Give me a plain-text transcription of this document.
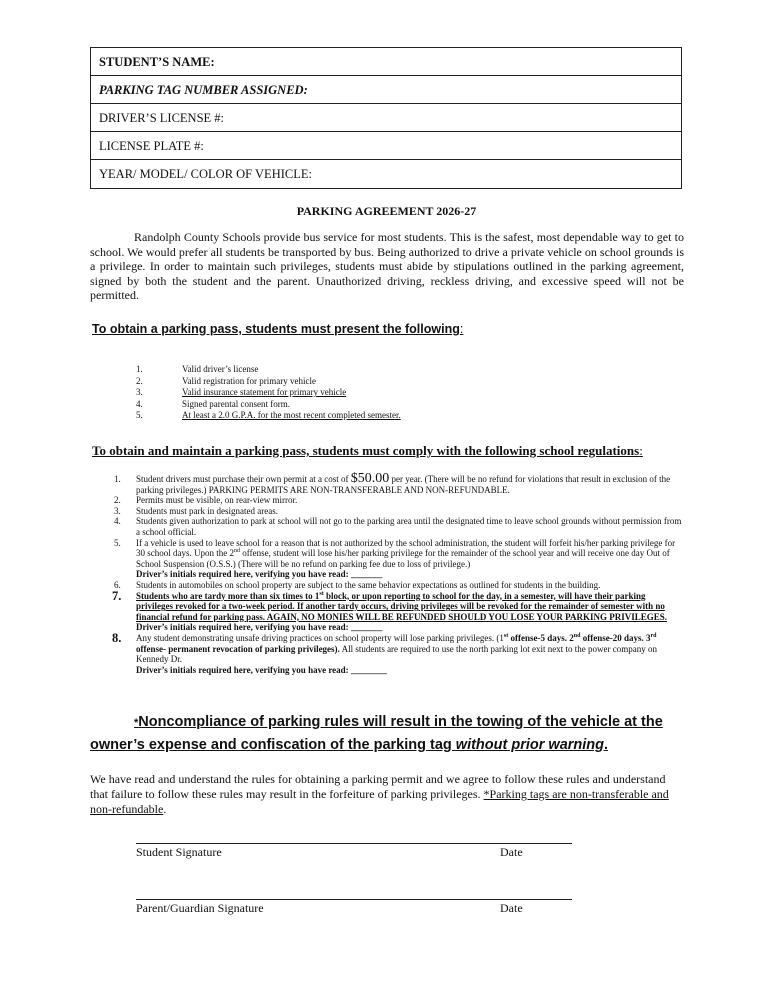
STUDENT’S NAME:
PARKING TAG NUMBER ASSIGNED:
DRIVER’S LICENSE #:
LICENSE PLATE #:
YEAR/ MODEL/ COLOR OF VEHICLE:
PARKING AGREEMENT 2026-27

Randolph County Schools provide bus service for most students. This is the safest, most dependable way to get to school. We would prefer all students be transported by bus. Being authorized to drive a private vehicle on school grounds is a privilege. In order to maintain such privileges, students must abide by stipulations outlined in the parking agreement, signed by both the student and the parent. Unauthorized driving, reckless driving, and excessive speed will not be permitted.

To obtain a parking pass, students must present the following:
1.	Valid driver’s license
2.	Valid registration for primary vehicle
3.	Valid insurance statement for primary vehicle
4.	Signed parental consent form.
5.	At least a 2.0 G.P.A. for the most recent completed semester.
To obtain and maintain a parking pass, students must comply with the following school regulations:
1. Student drivers must purchase their own permit at a cost of $50.00 per year. (There will be no refund for violations that result in exclusion of the parking privileges.) PARKING PERMITS ARE NON-TRANSFERABLE AND NON-REFUNDABLE.
2. Permits must be visible, on rear-view mirror.
3. Students must park in designated areas.
4. Students given authorization to park at school will not go to the parking area until the designated time to leave school grounds without permission from a school official.
5. If a vehicle is used to leave school for a reason that is not authorized by the school administration, the student will forfeit his/her parking privilege for 30 school days. Upon the 2nd offense, student will lose his/her parking privilege for the remainder of the school year and will receive one day Out of School Suspension (O.S.S.) (There will be no refund on parking fee due to loss of privilege.)
Driver’s initials required here, verifying you have read: _______
6. Students in automobiles on school property are subject to the same behavior expectations as outlined for students in the building.
7. Students who are tardy more than six times to 1st block, or upon reporting to school for the day, in a semester, will have their parking privileges revoked for a two-week period. If another tardy occurs, driving privileges will be revoked for the remainder of semester with no financial refund for parking pass. AGAIN, NO MONIES WILL BE REFUNDED SHOULD YOU LOSE YOUR PARKING PRIVILEGES. Driver’s initials required here, verifying you have read: _______
8. Any student demonstrating unsafe driving practices on school property will lose parking privileges. (1st offense-5 days. 2nd offense-20 days. 3rd offense- permanent revocation of parking privileges). All students are required to use the north parking lot exit next to the power company on Kennedy Dr.
Driver’s initials required here, verifying you have read: ________
*Noncompliance of parking rules will result in the towing of the vehicle at the
owner’s expense and confiscation of the parking tag without prior warning.

We have read and understand the rules for obtaining a parking permit and we agree to follow these rules and understand that failure to follow these rules may result in the forfeiture of parking privileges. *Parking tags are non-transferable and non-refundable.

Student Signature	Date
Parent/Guardian Signature	Date
